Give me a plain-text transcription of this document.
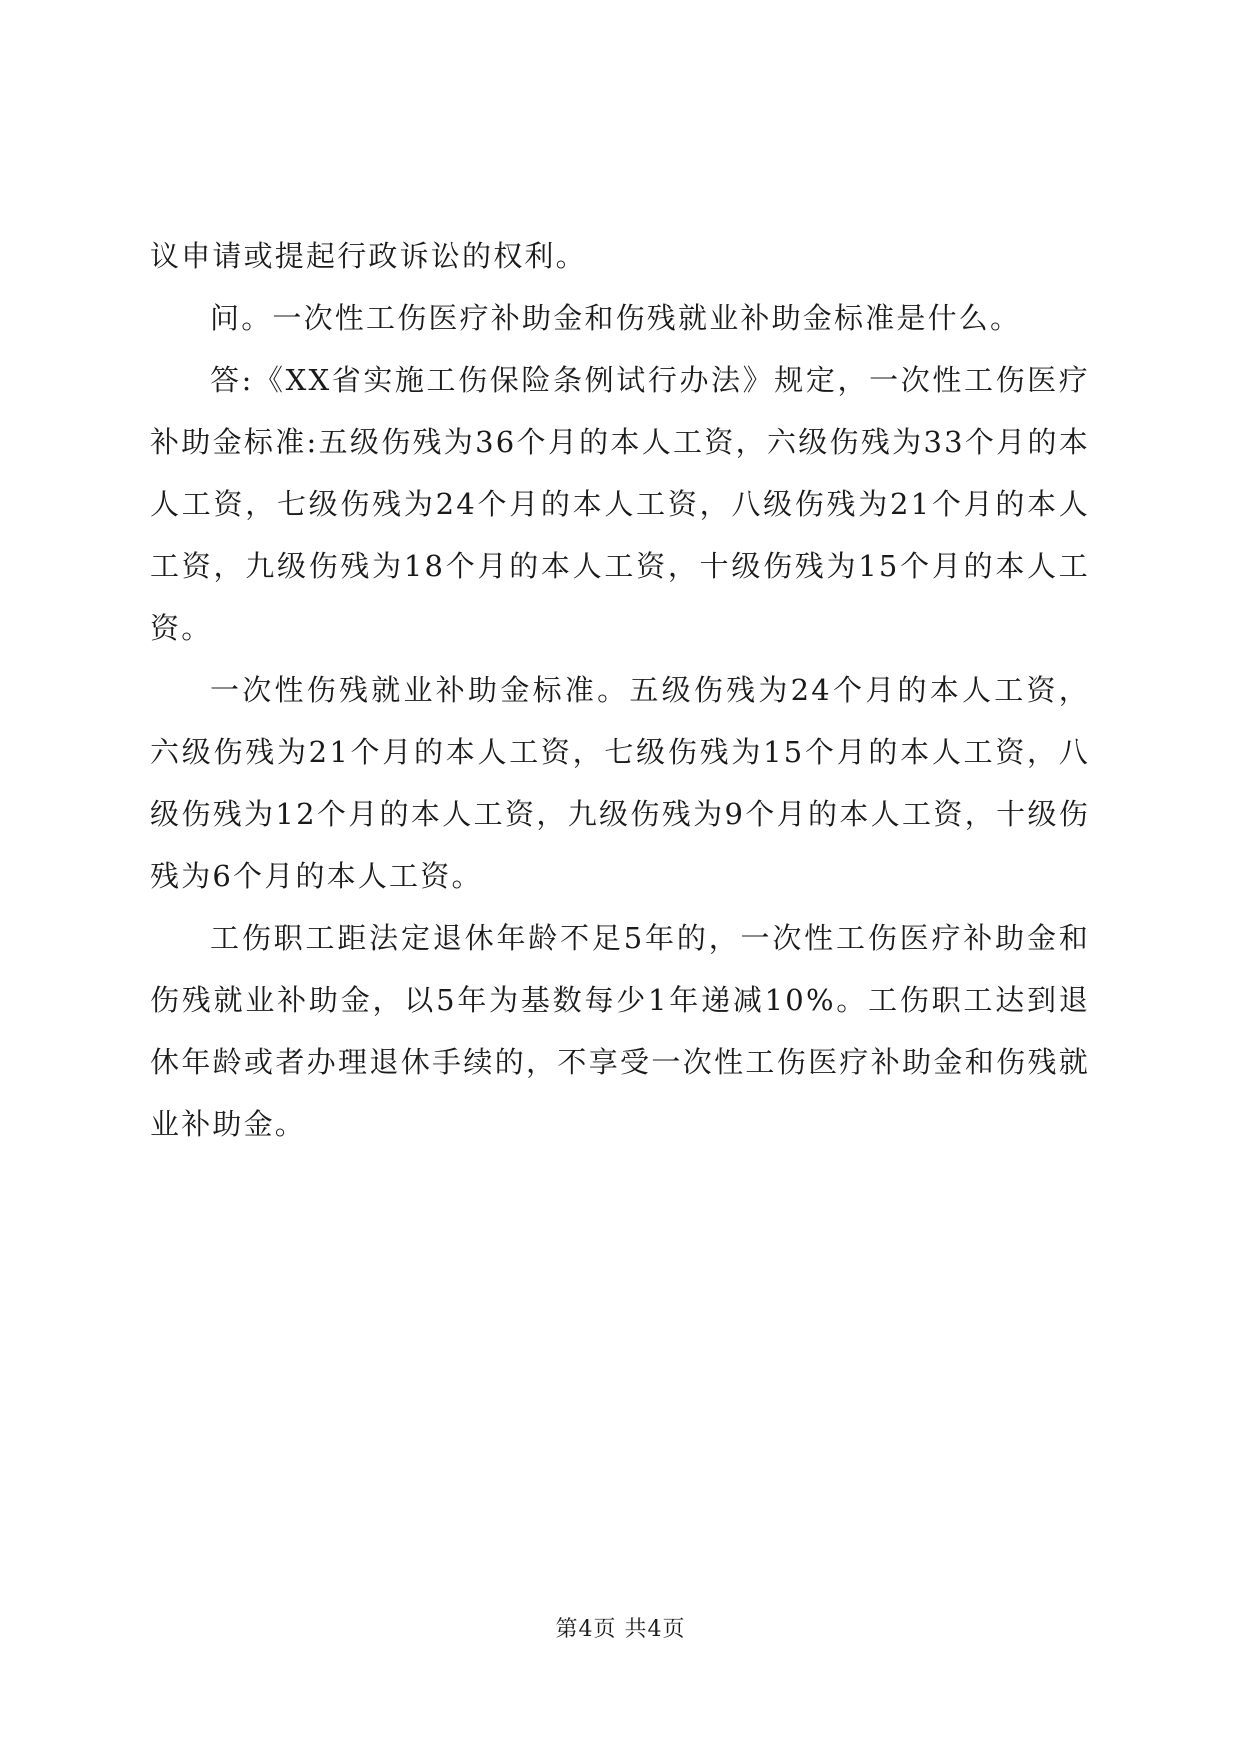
议申请或提起行政诉讼的权利。

问。一次性工伤医疗补助金和伤残就业补助金标准是什么。

答:《XX省实施工伤保险条例试行办法》规定，一次性工伤医疗补助金标准:五级伤残为36个月的本人工资，六级伤残为33个月的本人工资，七级伤残为24个月的本人工资，八级伤残为21个月的本人工资，九级伤残为18个月的本人工资，十级伤残为15个月的本人工资。

一次性伤残就业补助金标准。五级伤残为24个月的本人工资，六级伤残为21个月的本人工资，七级伤残为15个月的本人工资，八级伤残为12个月的本人工资，九级伤残为9个月的本人工资，十级伤残为6个月的本人工资。

工伤职工距法定退休年龄不足5年的，一次性工伤医疗补助金和伤残就业补助金，以5年为基数每少1年递减10%。工伤职工达到退休年龄或者办理退休手续的，不享受一次性工伤医疗补助金和伤残就业补助金。

第4页 共4页
